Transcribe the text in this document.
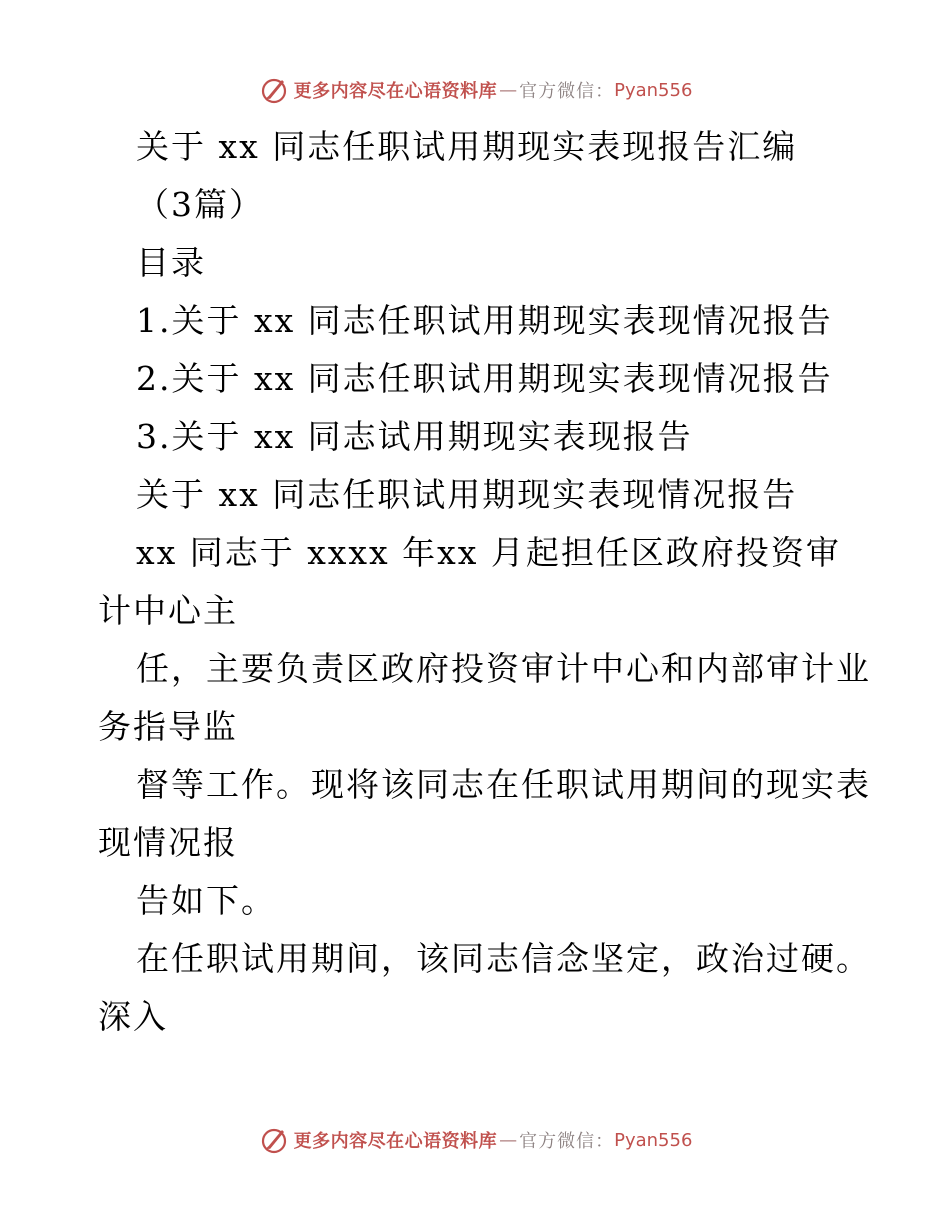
更多内容尽在心语资料库 — 官方微信： Pyan556
关于 xx 同志任职试用期现实表现报告汇编
（3篇）
目录
1.关于 xx 同志任职试用期现实表现情况报告
2.关于 xx 同志任职试用期现实表现情况报告
3.关于 xx 同志试用期现实表现报告
关于 xx 同志任职试用期现实表现情况报告
xx 同志于 xxxx 年xx 月起担任区政府投资审
计中心主
任，主要负责区政府投资审计中心和内部审计业
务指导监
督等工作。现将该同志在任职试用期间的现实表
现情况报
告如下。
在任职试用期间，该同志信念坚定，政治过硬。
深入
更多内容尽在心语资料库 — 官方微信： Pyan556
